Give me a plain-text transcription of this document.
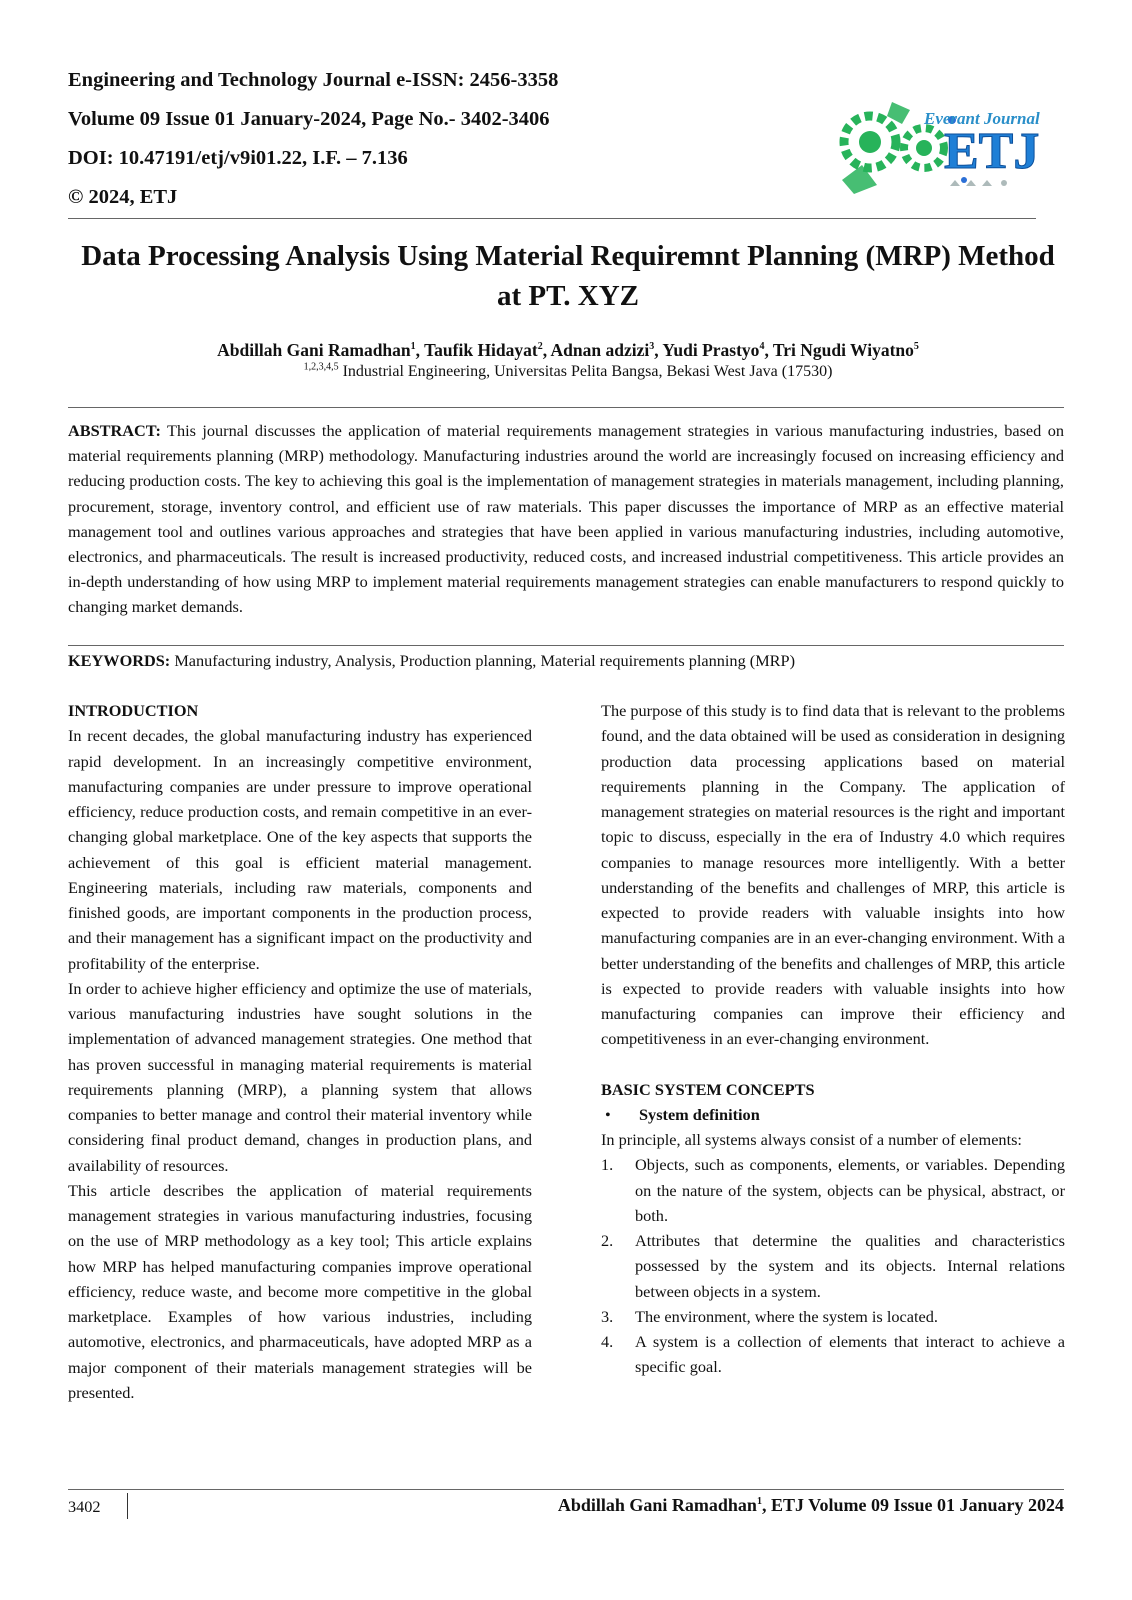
Engineering and Technology Journal e-ISSN: 2456-3358
Volume 09 Issue 01 January-2024, Page No.- 3402-3406
DOI: 10.47191/etj/v9i01.22, I.F. – 7.136
© 2024, ETJ
Everant Journal
ETJ
Data Processing Analysis Using Material Requiremnt Planning (MRP) Method at PT. XYZ
Abdillah Gani Ramadhan$^1$, Taufik Hidayat$^2$, Adnan adzizi$^3$, Yudi Prastyo$^4$, Tri Ngudi Wiyatno$^5$
$^{1,2,3,4,5}$ Industrial Engineering, Universitas Pelita Bangsa, Bekasi West Java (17530)
ABSTRACT: This journal discusses the application of material requirements management strategies in various manufacturing industries, based on material requirements planning (MRP) methodology. Manufacturing industries around the world are increasingly focused on increasing efficiency and reducing production costs. The key to achieving this goal is the implementation of management strategies in materials management, including planning, procurement, storage, inventory control, and efficient use of raw materials. This paper discusses the importance of MRP as an effective material management tool and outlines various approaches and strategies that have been applied in various manufacturing industries, including automotive, electronics, and pharmaceuticals. The result is increased productivity, reduced costs, and increased industrial competitiveness. This article provides an in-depth understanding of how using MRP to implement material requirements management strategies can enable manufacturers to respond quickly to changing market demands.
KEYWORDS: Manufacturing industry, Analysis, Production planning, Material requirements planning (MRP)

INTRODUCTION

In recent decades, the global manufacturing industry has experienced rapid development. In an increasingly competitive environment, manufacturing companies are under pressure to improve operational efficiency, reduce production costs, and remain competitive in an ever-changing global marketplace. One of the key aspects that supports the achievement of this goal is efficient material management. Engineering materials, including raw materials, components and finished goods, are important components in the production process, and their management has a significant impact on the productivity and profitability of the enterprise.

In order to achieve higher efficiency and optimize the use of materials, various manufacturing industries have sought solutions in the implementation of advanced management strategies. One method that has proven successful in managing material requirements is material requirements planning (MRP), a planning system that allows companies to better manage and control their material inventory while considering final product demand, changes in production plans, and availability of resources.

This article describes the application of material requirements management strategies in various manufacturing industries, focusing on the use of MRP methodology as a key tool; This article explains how MRP has helped manufacturing companies improve operational efficiency, reduce waste, and become more competitive in the global marketplace. Examples of how various industries, including automotive, electronics, and pharmaceuticals, have adopted MRP as a major component of their materials management strategies will be presented.

The purpose of this study is to find data that is relevant to the problems found, and the data obtained will be used as consideration in designing production data processing applications based on material requirements planning in the Company. The application of management strategies on material resources is the right and important topic to discuss, especially in the era of Industry 4.0 which requires companies to manage resources more intelligently. With a better understanding of the benefits and challenges of MRP, this article is expected to provide readers with valuable insights into how manufacturing companies are in an ever-changing environment. With a better understanding of the benefits and challenges of MRP, this article is expected to provide readers with valuable insights into how manufacturing companies can improve their efficiency and competitiveness in an ever-changing environment.

BASIC SYSTEM CONCEPTS

•	System definition

In principle, all systems always consist of a number of elements:

1.	Objects, such as components, elements, or variables. Depending on the nature of the system, objects can be physical, abstract, or both.
2.	Attributes that determine the qualities and characteristics possessed by the system and its objects. Internal relations between objects in a system.
3.	The environment, where the system is located.
4.	A system is a collection of elements that interact to achieve a specific goal.
3402	Abdillah Gani Ramadhan$^1$, ETJ Volume 09 Issue 01 January 2024
